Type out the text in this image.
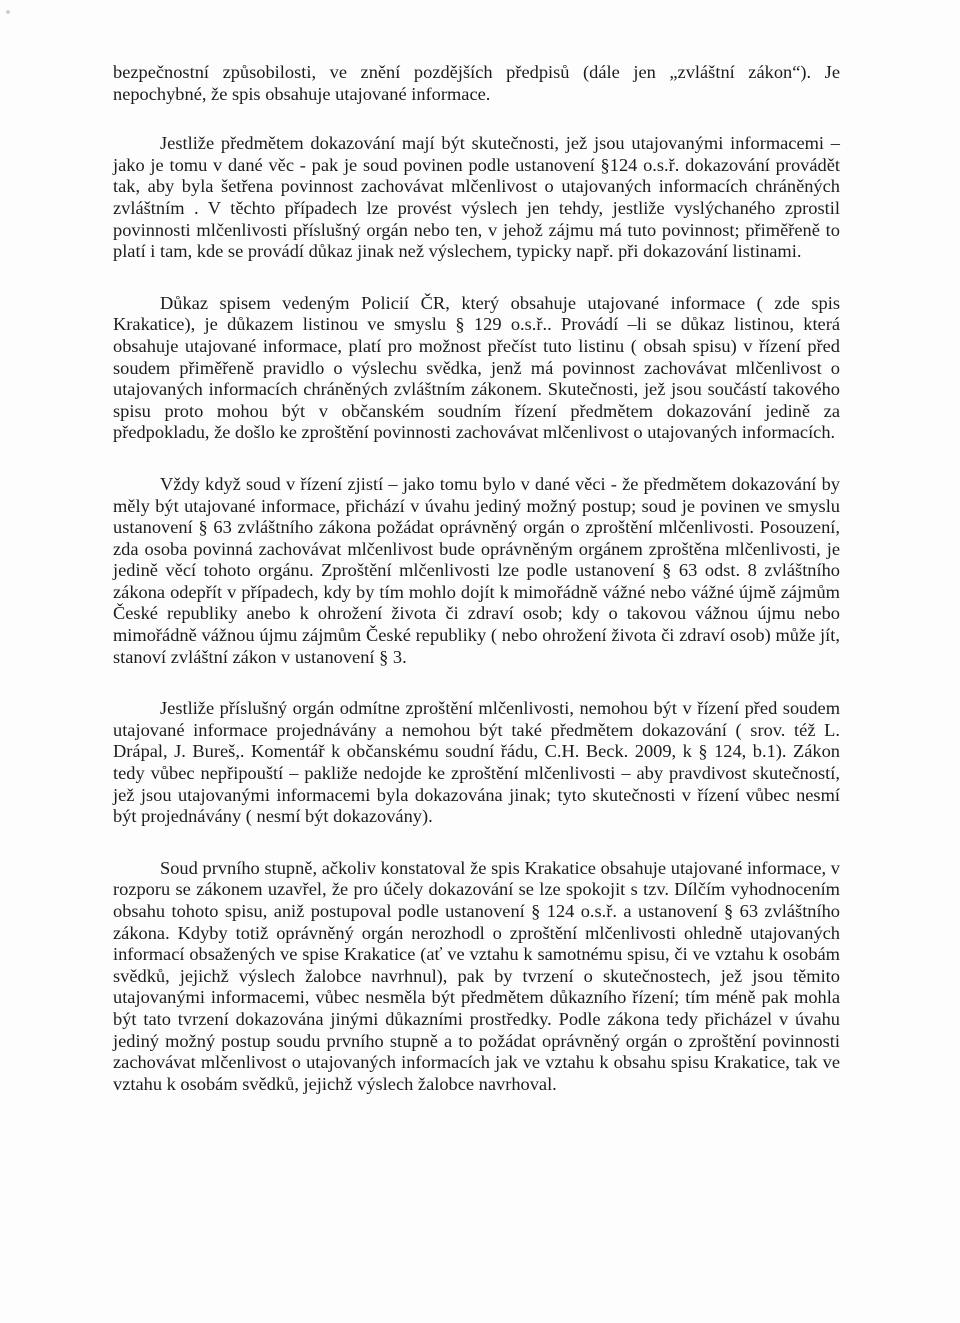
bezpečnostní způsobilosti, ve znění pozdějších předpisů (dále jen „zvláštní zákon“). Je nepochybné, že spis obsahuje utajované informace.

Jestliže předmětem dokazování mají být skutečnosti, jež jsou utajovanými informacemi – jako je tomu v dané věc - pak je soud povinen podle ustanovení §124 o.s.ř. dokazování provádět tak, aby byla šetřena povinnost zachovávat mlčenlivost o utajovaných informacích chráněných zvláštním . V těchto případech lze provést výslech jen tehdy, jestliže vyslýchaného zprostil povinnosti mlčenlivosti příslušný orgán nebo ten, v jehož zájmu má tuto povinnost; přiměřeně to platí i tam, kde se provádí důkaz jinak než výslechem, typicky např. při dokazování listinami.

Důkaz spisem vedeným Policií ČR, který obsahuje utajované informace ( zde spis Krakatice), je důkazem listinou ve smyslu § 129 o.s.ř.. Provádí –li se důkaz listinou, která obsahuje utajované informace, platí pro možnost přečíst tuto listinu ( obsah spisu) v řízení před soudem přiměřeně pravidlo o výslechu svědka, jenž má povinnost zachovávat mlčenlivost o utajovaných informacích chráněných zvláštním zákonem. Skutečnosti, jež jsou součástí takového spisu proto mohou být v občanském soudním řízení předmětem dokazování jedině za předpokladu, že došlo ke zproštění povinnosti zachovávat mlčenlivost o utajovaných informacích.

Vždy když soud v řízení zjistí – jako tomu bylo v dané věci - že předmětem dokazování by měly být utajované informace, přichází v úvahu jediný možný postup; soud je povinen ve smyslu ustanovení § 63 zvláštního zákona požádat oprávněný orgán o zproštění mlčenlivosti. Posouzení, zda osoba povinná zachovávat mlčenlivost bude oprávněným orgánem zproštěna mlčenlivosti, je jedině věcí tohoto orgánu. Zproštění mlčenlivosti lze podle ustanovení § 63 odst. 8 zvláštního zákona odepřít v případech, kdy by tím mohlo dojít k mimořádně vážné nebo vážné újmě zájmům České republiky anebo k ohrožení života či zdraví osob; kdy o takovou vážnou újmu nebo mimořádně vážnou újmu zájmům České republiky ( nebo ohrožení života či zdraví osob) může jít, stanoví zvláštní zákon v ustanovení § 3.

Jestliže příslušný orgán odmítne zproštění mlčenlivosti, nemohou být v řízení před soudem utajované informace projednávány a nemohou být také předmětem dokazování ( srov. též L. Drápal, J. Bureš,. Komentář k občanskému soudní řádu, C.H. Beck. 2009, k § 124, b.1). Zákon tedy vůbec nepřipouští – pakliže nedojde ke zproštění mlčenlivosti – aby pravdivost skutečností, jež jsou utajovanými informacemi byla dokazována jinak; tyto skutečnosti v řízení vůbec nesmí být projednávány ( nesmí být dokazovány).

Soud prvního stupně, ačkoliv konstatoval že spis Krakatice obsahuje utajované informace, v rozporu se zákonem uzavřel, že pro účely dokazování se lze spokojit s tzv. Dílčím vyhodnocením obsahu tohoto spisu, aniž postupoval podle ustanovení § 124 o.s.ř. a ustanovení § 63 zvláštního zákona. Kdyby totiž oprávněný orgán nerozhodl o zproštění mlčenlivosti ohledně utajovaných informací obsažených ve spise Krakatice (ať ve vztahu k samotnému spisu, či ve vztahu k osobám svědků, jejichž výslech žalobce navrhnul), pak by tvrzení o skutečnostech, jež jsou těmito utajovanými informacemi, vůbec nesměla být předmětem důkazního řízení; tím méně pak mohla být tato tvrzení dokazována jinými důkazními prostředky. Podle zákona tedy přicházel v úvahu jediný možný postup soudu prvního stupně a to požádat oprávněný orgán o zproštění povinnosti zachovávat mlčenlivost o utajovaných informacích jak ve vztahu k obsahu spisu Krakatice, tak ve vztahu k osobám svědků, jejichž výslech žalobce navrhoval.
